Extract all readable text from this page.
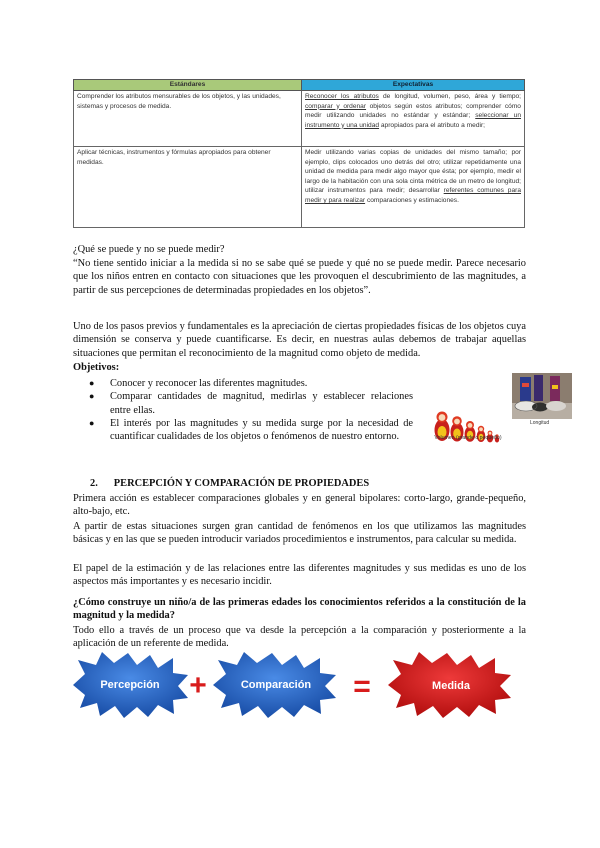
Estándares	Expectativas
Comprender los atributos mensurables de los objetos, y las unidades, sistemas y procesos de medida.	Reconocer los atributos de longitud, volumen, peso, área y tiempo; comparar y ordenar objetos según estos atributos; comprender cómo medir utilizando unidades no estándar y estándar; seleccionar un instrumento y una unidad apropiados para el atributo a medir;
Aplicar técnicas, instrumentos y fórmulas apropiados para obtener medidas.	Medir utilizando varias copias de unidades del mismo tamaño; por ejemplo, clips colocados uno detrás del otro; utilizar repetidamente una unidad de medida para medir algo mayor que ésta; por ejemplo, medir el largo de la habitación con una sola cinta métrica de un metro de longitud; utilizar instrumentos para medir; desarrollar referentes comunes para medir y para realizar comparaciones y estimaciones.

¿Qué se puede y no se puede medir?

“No tiene sentido iniciar a la medida si no se sabe qué se puede y qué no se puede medir. Parece necesario que los niños entren en contacto con situaciones que les provoquen el descubrimiento de las magnitudes, a partir de sus percepciones de determinadas propiedades en los objetos”.

Uno de los pasos previos y fundamentales es la apreciación de ciertas propiedades físicas de los objetos cuya dimensión se conserva y puede cuantificarse. Es decir, en nuestras aulas debemos de trabajar aquellas situaciones que permitan el reconocimiento de la magnitud como objeto de medida.

Objetivos:

● Conocer y reconocer las diferentes magnitudes.
● Comparar cantidades de magnitud, medirlas y establecer relaciones entre ellas.
● El interés por las magnitudes y su medida surge por la necesidad de cuantificar cualidades de los objetos o fenómenos de nuestro entorno.	Volumen (grande o pequeño)
Longitud
2. PERCEPCIÓN Y COMPARACIÓN DE PROPIEDADES

Primera acción es establecer comparaciones globales y en general bipolares: corto-largo, grande-pequeño, alto-bajo, etc.

A partir de estas situaciones surgen gran cantidad de fenómenos en los que utilizamos las magnitudes básicas y en las que se pueden introducir variados procedimientos e instrumentos, para calcular su medida.

El papel de la estimación y de las relaciones entre las diferentes magnitudes y sus medidas es uno de los aspectos más importantes y es necesario incidir.

¿Cómo construye un niño/a de las primeras edades los conocimientos referidos a la constitución de la magnitud y la medida?

Todo ello a través de un proceso que va desde la percepción a la comparación y posteriormente a la aplicación de un referente de medida.

Percepción +	Comparación =	Medida
